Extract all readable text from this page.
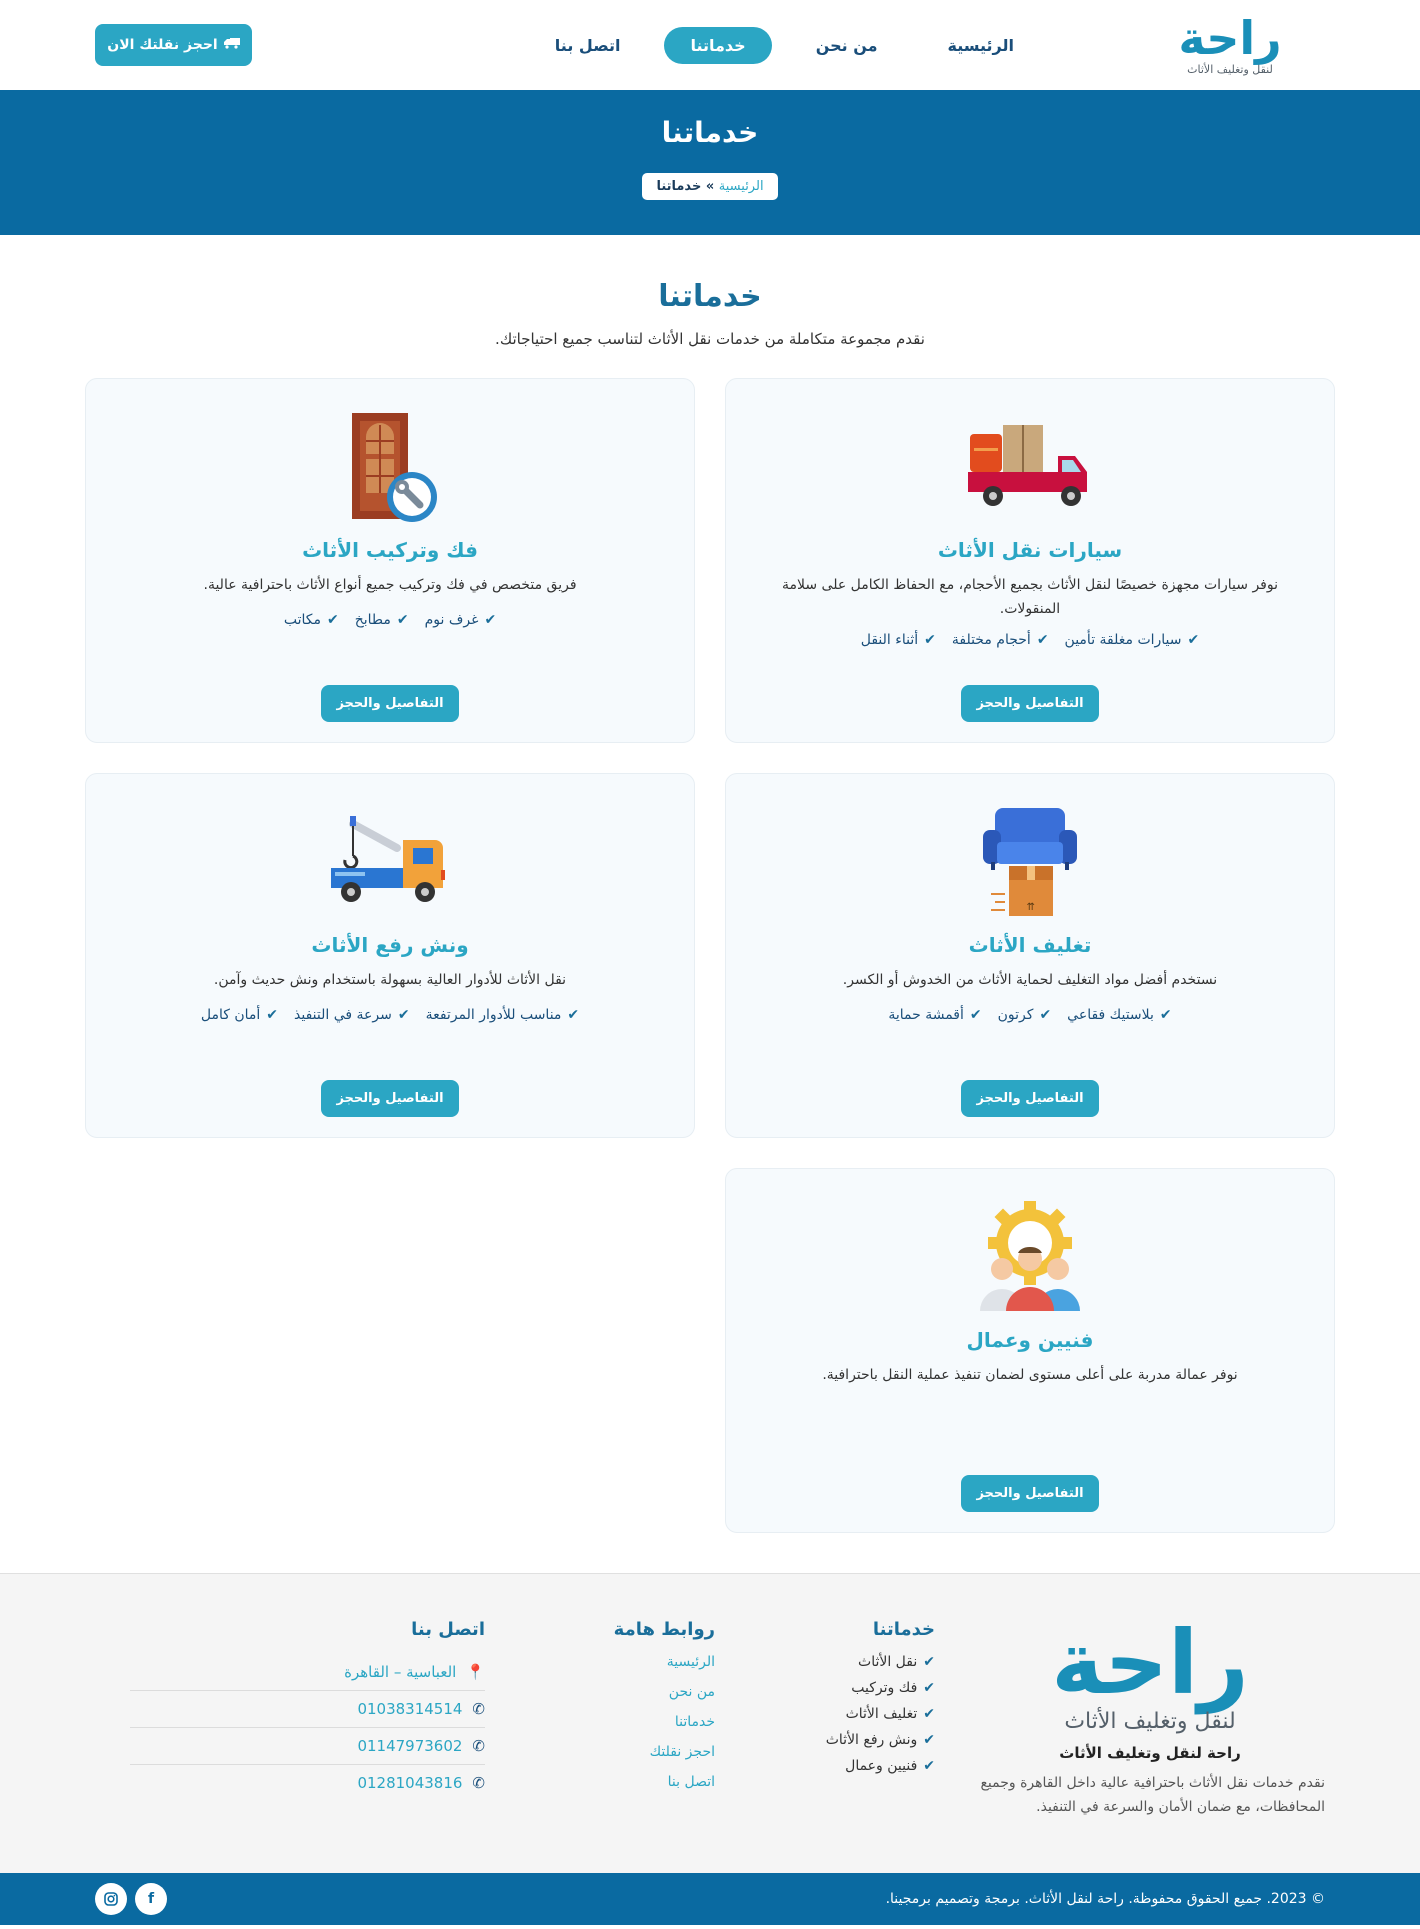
راحة
لنقل وتغليف الأثاث
الرئيسية
من نحن
خدماتنا
اتصل بنا
احجز نقلتك الان
خدماتنا
الرئيسية » خدماتنا
خدماتنا

نقدم مجموعة متكاملة من خدمات نقل الأثاث لتناسب جميع احتياجاتك.

سيارات نقل الأثاث

نوفر سيارات مجهزة خصيصًا لنقل الأثاث بجميع الأحجام، مع الحفاظ الكامل على سلامة المنقولات.

✔
سيارات مغلقة تأمين
✔
أحجام مختلفة
✔
أثناء النقل
التفاصيل والحجز
فك وتركيب الأثاث

فريق متخصص في فك وتركيب جميع أنواع الأثاث باحترافية عالية.

✔
غرف نوم
✔
مطابخ
✔
مكاتب
التفاصيل والحجز
⇈
تغليف الأثاث

نستخدم أفضل مواد التغليف لحماية الأثاث من الخدوش أو الكسر.

✔
بلاستيك فقاعي
✔
كرتون
✔
أقمشة حماية
التفاصيل والحجز
ونش رفع الأثاث

نقل الأثاث للأدوار العالية بسهولة باستخدام ونش حديث وآمن.

✔
مناسب للأدوار المرتفعة
✔
سرعة في التنفيذ
✔
أمان كامل
التفاصيل والحجز
فنيين وعمال

نوفر عمالة مدربة على أعلى مستوى لضمان تنفيذ عملية النقل باحترافية.

التفاصيل والحجز
راحة
لنقل وتغليف الأثاث
راحة لنقل وتغليف الأثاث

نقدم خدمات نقل الأثاث باحترافية عالية داخل القاهرة وجميع المحافظات، مع ضمان الأمان والسرعة في التنفيذ.

خدماتنا
✔
نقل الأثاث
✔
فك وتركيب
✔
تغليف الأثاث
✔
ونش رفع الأثاث
✔
فنيين وعمال
روابط هامة
الرئيسية
من نحن
خدماتنا
احجز نقلتك
اتصل بنا
اتصل بنا
📍
العباسية – القاهرة
✆
01038314514
✆
01147973602
✆
01281043816
© 2023. جميع الحقوق محفوظة. راحة لنقل الأثاث. برمجة وتصميم برمجينا.
f
